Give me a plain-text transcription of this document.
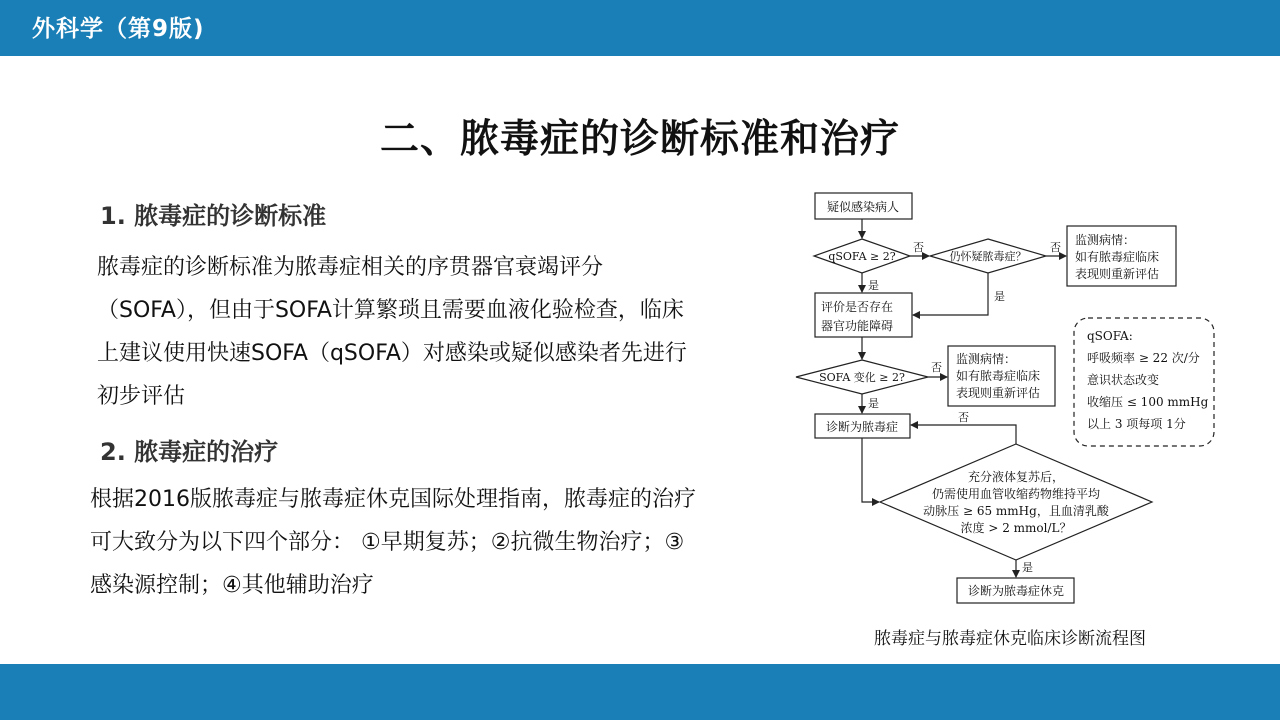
外科学（第9版)
二、脓毒症的诊断标准和治疗
1. 脓毒症的诊断标准
脓毒症的诊断标准为脓毒症相关的序贯器官衰竭评分
（SOFA），但由于SOFA计算繁琐且需要血液化验检查，临床
上建议使用快速SOFA（qSOFA）对感染或疑似感染者先进行
初步评估
2. 脓毒症的治疗
根据2016版脓毒症与脓毒症休克国际处理指南，脓毒症的治疗
可大致分为以下四个部分： ①早期复苏；②抗微生物治疗；③
感染源控制；④其他辅助治疗
疑似感染病人
qSOFA ≥ 2?	仍怀疑脓毒症？
监测病情：
如有脓毒症临床
表现则重新评估
评价是否存在
器官功能障碍
SOFA 变化 ≥ 2?
监测病情：
如有脓毒症临床
表现则重新评估
qSOFA:
呼吸频率 ≥ 22 次/分
意识状态改变
收缩压 ≤ 100 mmHg
以上 3 项每项 1分
诊断为脓毒症
充分液体复苏后，
仍需使用血管收缩药物维持平均
动脉压 ≥ 65 mmHg，且血清乳酸
浓度 > 2 mmol/L？
诊断为脓毒症休克
否	否
是
是
否
是
否
是
脓毒症与脓毒症休克临床诊断流程图
